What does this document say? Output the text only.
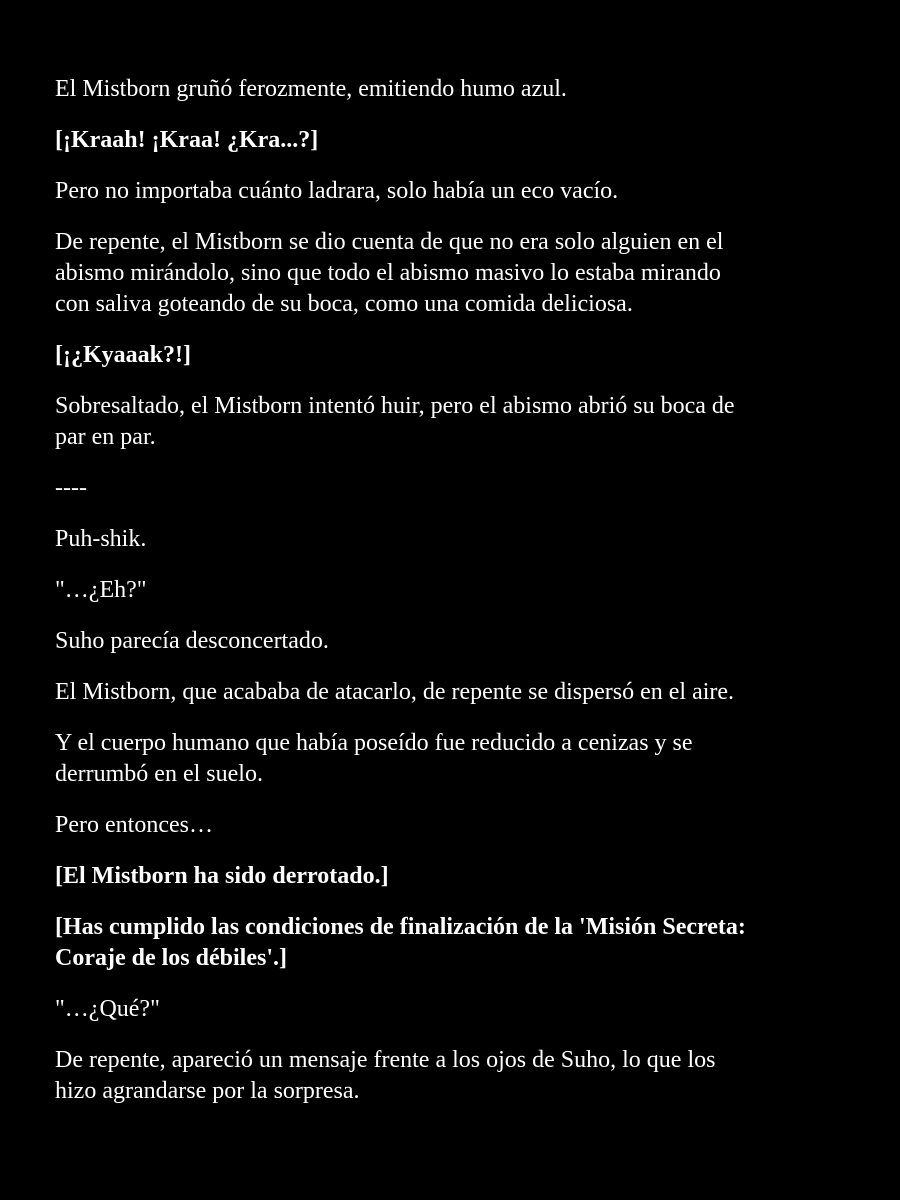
El Mistborn gruñó ferozmente, emitiendo humo azul.

[¡Kraah! ¡Kraa! ¿Kra...?]

Pero no importaba cuánto ladrara, solo había un eco vacío.

De repente, el Mistborn se dio cuenta de que no era solo alguien en el
abismo mirándolo, sino que todo el abismo masivo lo estaba mirando
con saliva goteando de su boca, como una comida deliciosa.

[¡¿Kyaaak?!]

Sobresaltado, el Mistborn intentó huir, pero el abismo abrió su boca de
par en par.

----

Puh-shik.

"…¿Eh?"

Suho parecía desconcertado.

El Mistborn, que acababa de atacarlo, de repente se dispersó en el aire.

Y el cuerpo humano que había poseído fue reducido a cenizas y se
derrumbó en el suelo.

Pero entonces…

[El Mistborn ha sido derrotado.]

[Has cumplido las condiciones de finalización de la 'Misión Secreta:
Coraje de los débiles'.]

"…¿Qué?"

De repente, apareció un mensaje frente a los ojos de Suho, lo que los
hizo agrandarse por la sorpresa.
